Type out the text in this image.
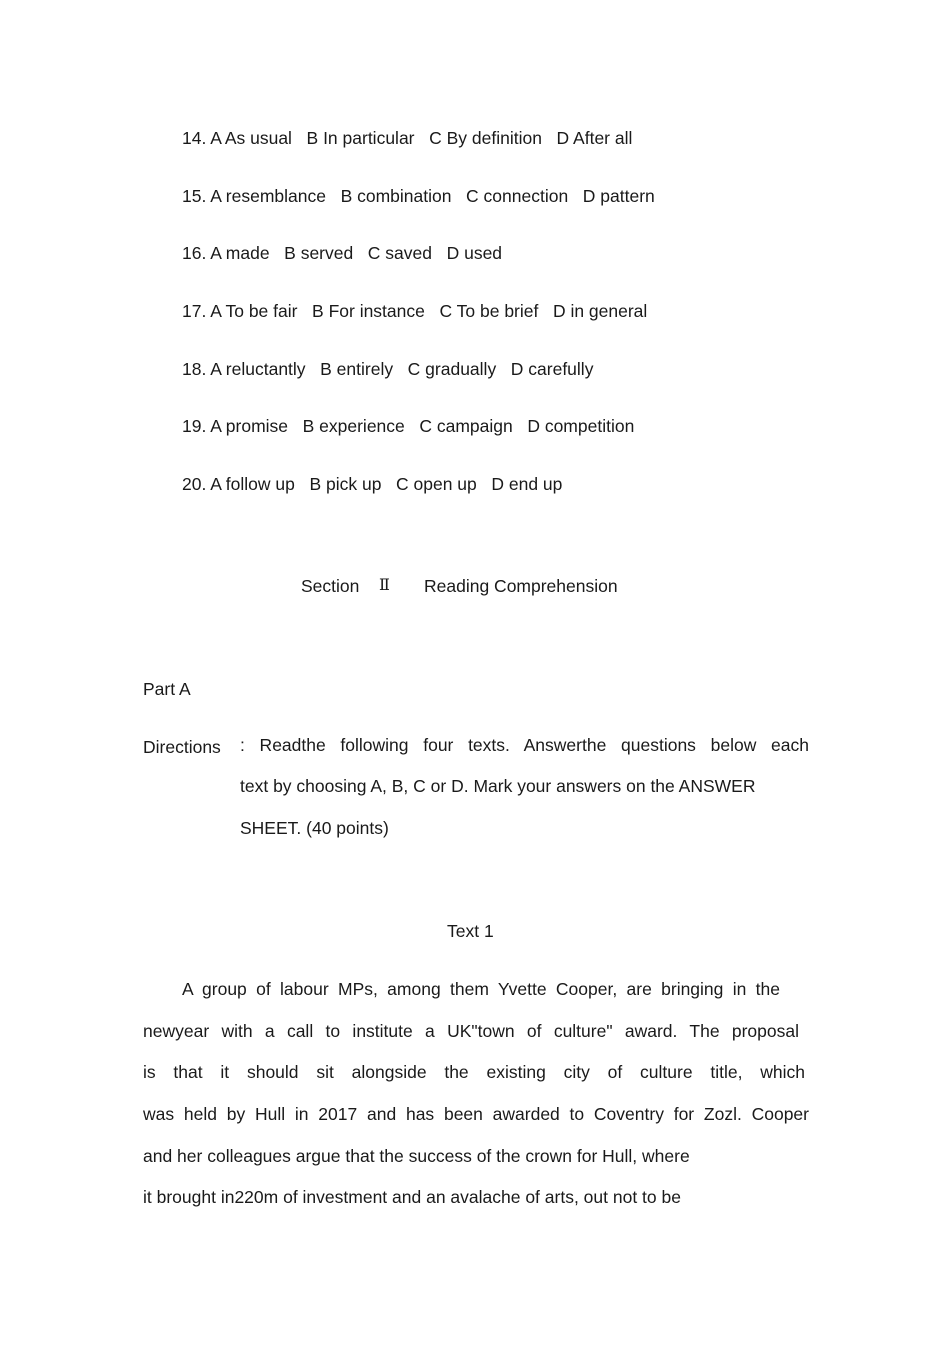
14. A As usual   B In particular   C By definition   D After all
15. A resemblance   B combination   C connection   D pattern
16. A made   B served   C saved   D used
17. A To be fair   B For instance   C To be brief   D in general
18. A reluctantly   B entirely   C gradually   D carefully
19. A promise   B experience   C campaign   D competition
20. A follow up   B pick up   C open up   D end up
Section Ⅱ Reading Comprehension
Part A
Directions : Readthe following four texts. Answerthe questions below each
text by choosing A, B, C or D. Mark your answers on the ANSWER
SHEET. (40 points)
Text 1
A group of labour MPs, among them Yvette Cooper, are bringing in the
newyear with a call to institute a UK"town of culture" award. The proposal
is that it should sit alongside the existing city of culture title, which
was held by Hull in 2017 and has been awarded to Coventry for Zozl. Cooper
and her colleagues argue that the success of the crown for Hull, where
it brought in220m of investment and an avalache of arts, out not to be
